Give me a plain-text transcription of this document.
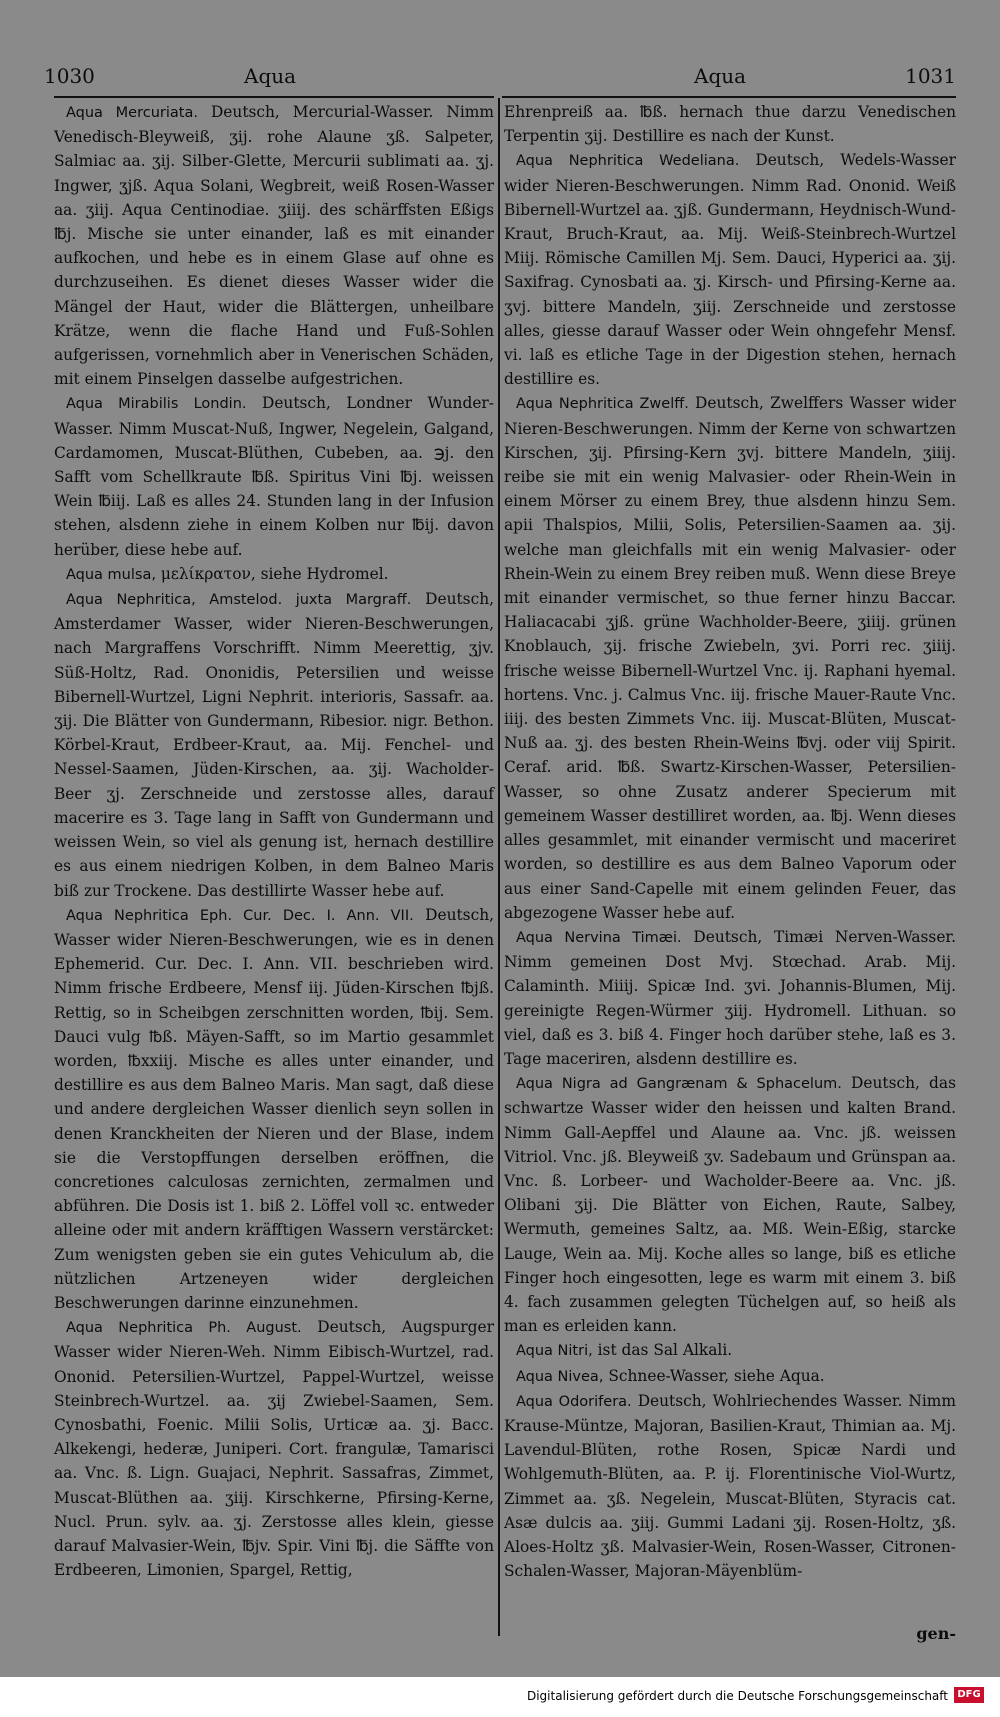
1030	Aqua	Aqua	1031

Aqua Mercuriata. Deutsch, Mercurial-Wasser. Nimm Venedisch-Bleyweiß, ʒij. rohe Alaune ʒß. Salpeter, Salmiac aa. ʒij. Silber-Glette, Mercurii sublimati aa. ʒj. Ingwer, ʒjß. Aqua Solani, Wegbreit, weiß Rosen-Wasser aa. ʒiij. Aqua Centinodiae. ʒiiij. des schärffsten Eßigs ℔j. Mische sie unter einander, laß es mit einander aufkochen, und hebe es in einem Glase auf ohne es durchzuseihen. Es dienet dieses Wasser wider die Mängel der Haut, wider die Blättergen, unheilbare Krätze, wenn die flache Hand und Fuß-Sohlen aufgerissen, vornehmlich aber in Venerischen Schäden, mit einem Pinselgen dasselbe aufgestrichen.

Aqua Mirabilis Londin. Deutsch, Londner Wunder-Wasser. Nimm Muscat-Nuß, Ingwer, Negelein, Galgand, Cardamomen, Muscat-Blüthen, Cubeben, aa. ℈j. den Safft vom Schellkraute ℔ß. Spiritus Vini ℔j. weissen Wein ℔iij. Laß es alles 24. Stunden lang in der Infusion stehen, alsdenn ziehe in einem Kolben nur ℔ij. davon herüber, diese hebe auf.

Aqua mulsa, μελίκρατον, siehe Hydromel.

Aqua Nephritica, Amstelod. juxta Margraff. Deutsch, Amsterdamer Wasser, wider Nieren-Beschwerungen, nach Margraffens Vorschrifft. Nimm Meerettig, ʒjv. Süß-Holtz, Rad. Ononidis, Petersilien und weisse Bibernell-Wurtzel, Ligni Nephrit. interioris, Sassafr. aa. ʒij. Die Blätter von Gundermann, Ribesior. nigr. Bethon. Körbel-Kraut, Erdbeer-Kraut, aa. Mij. Fenchel- und Nessel-Saamen, Jüden-Kirschen, aa. ʒij. Wacholder-Beer ʒj. Zerschneide und zerstosse alles, darauf macerire es 3. Tage lang in Safft von Gundermann und weissen Wein, so viel als genung ist, hernach destillire es aus einem niedrigen Kolben, in dem Balneo Maris biß zur Trockene. Das destillirte Wasser hebe auf.

Aqua Nephritica Eph. Cur. Dec. I. Ann. VII. Deutsch, Wasser wider Nieren-Beschwerungen, wie es in denen Ephemerid. Cur. Dec. I. Ann. VII. beschrieben wird. Nimm frische Erdbeere, Mensf iij. Jüden-Kirschen ℔jß. Rettig, so in Scheibgen zerschnitten worden, ℔ij. Sem. Dauci vulg ℔ß. Mäyen-Safft, so im Martio gesammlet worden, ℔xxiij. Mische es alles unter einander, und destillire es aus dem Balneo Maris. Man sagt, daß diese und andere dergleichen Wasser dienlich seyn sollen in denen Kranckheiten der Nieren und der Blase, indem sie die Verstopffungen derselben eröffnen, die concretiones calculosas zernichten, zermalmen und abführen. Die Dosis ist 1. biß 2. Löffel voll ꝛc. entweder alleine oder mit andern kräfftigen Wassern verstärcket: Zum wenigsten geben sie ein gutes Vehiculum ab, die nützlichen Artzeneyen wider dergleichen Beschwerungen darinne einzunehmen.

Aqua Nephritica Ph. August. Deutsch, Augspurger Wasser wider Nieren-Weh. Nimm Eibisch-Wurtzel, rad. Ononid. Petersilien-Wurtzel, Pappel-Wurtzel, weisse Steinbrech-Wurtzel. aa. ʒij Zwiebel-Saamen, Sem. Cynosbathi, Foenic. Milii Solis, Urticæ aa. ʒj. Bacc. Alkekengi, hederæ, Juniperi. Cort. frangulæ, Tamarisci aa. Vnc. ß. Lign. Guajaci, Nephrit. Sassafras, Zimmet, Muscat-Blüthen aa. ʒiij. Kirschkerne, Pfirsing-Kerne, Nucl. Prun. sylv. aa. ʒj. Zerstosse alles klein, giesse darauf Malvasier-Wein, ℔jv. Spir. Vini ℔j. die Säffte von Erdbeeren, Limonien, Spargel, Rettig,

Ehrenpreiß aa. ℔ß. hernach thue darzu Venedischen Terpentin ʒij. Destillire es nach der Kunst.

Aqua Nephritica Wedeliana. Deutsch, Wedels-Wasser wider Nieren-Beschwerungen. Nimm Rad. Ononid. Weiß Bibernell-Wurtzel aa. ʒjß. Gundermann, Heydnisch-Wund-Kraut, Bruch-Kraut, aa. Mij. Weiß-Steinbrech-Wurtzel Miij. Römische Camillen Mj. Sem. Dauci, Hyperici aa. ʒij. Saxifrag. Cynosbati aa. ʒj. Kirsch- und Pfirsing-Kerne aa. ʒvj. bittere Mandeln, ʒiij. Zerschneide und zerstosse alles, giesse darauf Wasser oder Wein ohngefehr Mensf. vi. laß es etliche Tage in der Digestion stehen, hernach destillire es.

Aqua Nephritica Zwelff. Deutsch, Zwelffers Wasser wider Nieren-Beschwerungen. Nimm der Kerne von schwartzen Kirschen, ʒij. Pfirsing-Kern ʒvj. bittere Mandeln, ʒiiij. reibe sie mit ein wenig Malvasier- oder Rhein-Wein in einem Mörser zu einem Brey, thue alsdenn hinzu Sem. apii Thalspios, Milii, Solis, Petersilien-Saamen aa. ʒij. welche man gleichfalls mit ein wenig Malvasier- oder Rhein-Wein zu einem Brey reiben muß. Wenn diese Breye mit einander vermischet, so thue ferner hinzu Baccar. Haliacacabi ʒjß. grüne Wachholder-Beere, ʒiiij. grünen Knoblauch, ʒij. frische Zwiebeln, ʒvi. Porri rec. ʒiiij. frische weisse Bibernell-Wurtzel Vnc. ij. Raphani hyemal. hortens. Vnc. j. Calmus Vnc. iij. frische Mauer-Raute Vnc. iiij. des besten Zimmets Vnc. iij. Muscat-Blüten, Muscat-Nuß aa. ʒj. des besten Rhein-Weins ℔vj. oder viij Spirit. Ceraf. arid. ℔ß. Swartz-Kirschen-Wasser, Petersilien-Wasser, so ohne Zusatz anderer Specierum mit gemeinem Wasser destilliret worden, aa. ℔j. Wenn dieses alles gesammlet, mit einander vermischt und maceriret worden, so destillire es aus dem Balneo Vaporum oder aus einer Sand-Capelle mit einem gelinden Feuer, das abgezogene Wasser hebe auf.

Aqua Nervina Timæi. Deutsch, Timæi Nerven-Wasser. Nimm gemeinen Dost Mvj. Stœchad. Arab. Mij. Calaminth. Miiij. Spicæ Ind. ʒvi. Johannis-Blumen, Mij. gereinigte Regen-Würmer ʒiij. Hydromell. Lithuan. so viel, daß es 3. biß 4. Finger hoch darüber stehe, laß es 3. Tage maceriren, alsdenn destillire es.

Aqua Nigra ad Gangrænam & Sphacelum. Deutsch, das schwartze Wasser wider den heissen und kalten Brand. Nimm Gall-Aepffel und Alaune aa. Vnc. jß. weissen Vitriol. Vnc. jß. Bleyweiß ʒv. Sadebaum und Grünspan aa. Vnc. ß. Lorbeer- und Wacholder-Beere aa. Vnc. jß. Olibani ʒij. Die Blätter von Eichen, Raute, Salbey, Wermuth, gemeines Saltz, aa. Mß. Wein-Eßig, starcke Lauge, Wein aa. Mij. Koche alles so lange, biß es etliche Finger hoch eingesotten, lege es warm mit einem 3. biß 4. fach zusammen gelegten Tüchelgen auf, so heiß als man es erleiden kann.

Aqua Nitri, ist das Sal Alkali.

Aqua Nivea, Schnee-Wasser, siehe Aqua.

Aqua Odorifera. Deutsch, Wohlriechendes Wasser. Nimm Krause-Müntze, Majoran, Basilien-Kraut, Thimian aa. Mj. Lavendul-Blüten, rothe Rosen, Spicæ Nardi und Wohlgemuth-Blüten, aa. P. ij. Florentinische Viol-Wurtz, Zimmet aa. ʒß. Negelein, Muscat-Blüten, Styracis cat. Asæ dulcis aa. ʒiij. Gummi Ladani ʒij. Rosen-Holtz, ʒß. Aloes-Holtz ʒß. Malvasier-Wein, Rosen-Wasser, Citronen-Schalen-Wasser, Majoran-Mäyenblüm-

gen-
Digitalisierung gefördert durch die Deutsche Forschungsgemeinschaft DFG
